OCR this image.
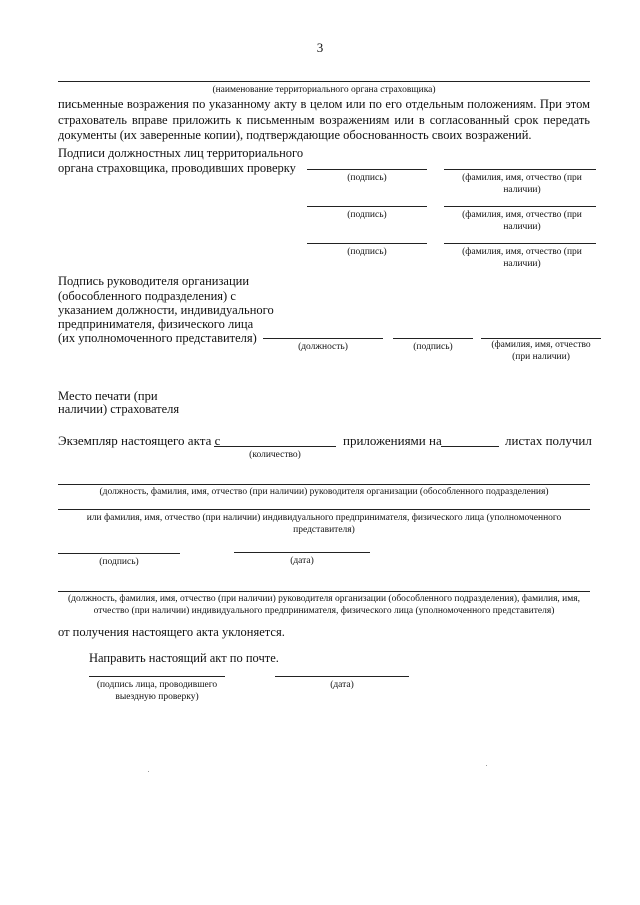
3
(наименование территориального органа страховщика)
письменные возражения по указанному акту в целом или по его отдельным положениям. При этом
страхователь вправе приложить к письменным возражениям или в согласованный срок передать
документы (их заверенные копии), подтверждающие обоснованность своих возражений.
Подписи должностных лиц территориального
органа страховщика, проводивших проверку
(подпись)	(фамилия, имя, отчество (при наличии)
(подпись)	(фамилия, имя, отчество (при наличии)
(подпись)	(фамилия, имя, отчество (при наличии)
Подпись руководителя организации
(обособленного подразделения) с
указанием должности, индивидуального
предпринимателя, физического лица
(их уполномоченного представителя)
(должность)	(подпись)	(фамилия, имя, отчество
(при наличии)
Место печати (при
наличии) страхователя
Экземпляр настоящего акта с
(количество)
приложениями на	листах получил
(должность, фамилия, имя, отчество (при наличии) руководителя организации (обособленного подразделения)
или фамилия, имя, отчество (при наличии) индивидуального предпринимателя, физического лица (уполномоченного
представителя)
(подпись)	(дата)
(должность, фамилия, имя, отчество (при наличии) руководителя организации (обособленного подразделения), фамилия, имя,
отчество (при наличии) индивидуального предпринимателя, физического лица (уполномоченного представителя)
от получения настоящего акта уклоняется.
Направить настоящий акт по почте.
(подпись лица, проводившего
выездную проверку)
(дата)
